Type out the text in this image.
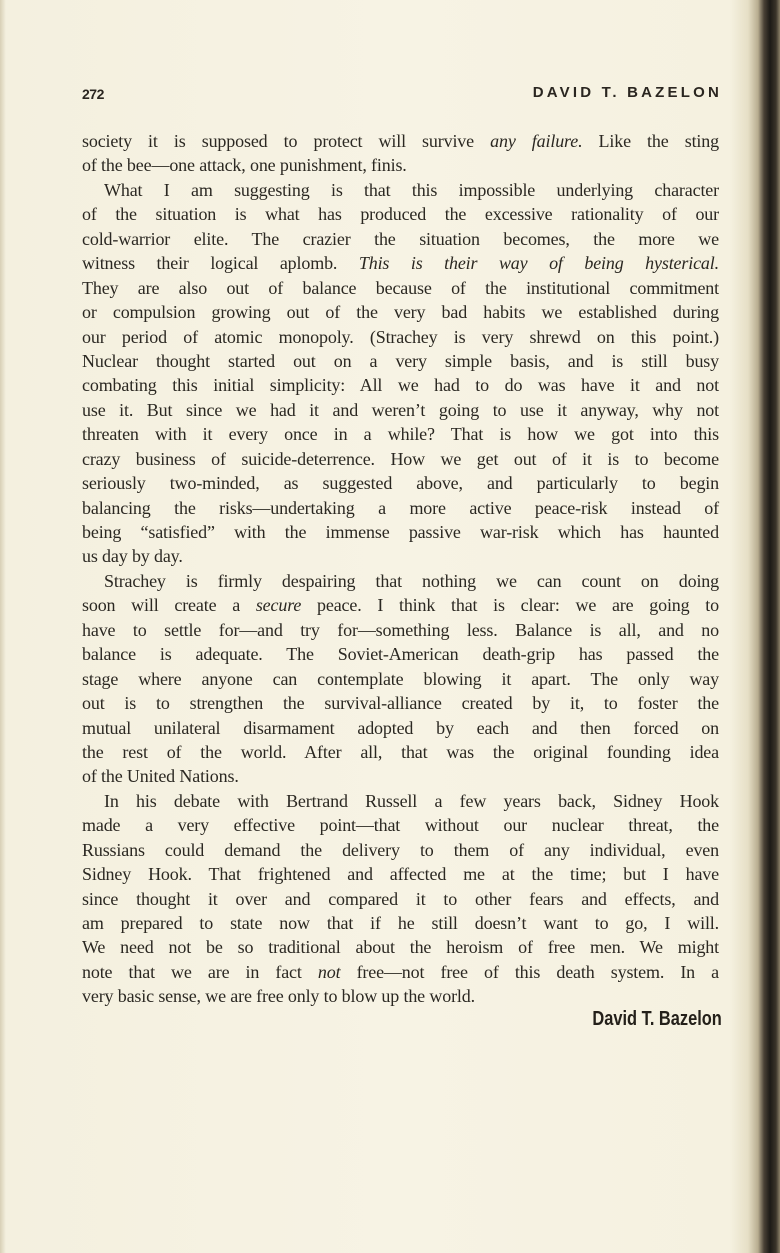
272	DAVID T. BAZELON
society it is supposed to protect will survive any failure. Like the sting
of the bee—one attack, one punishment, finis.
What I am suggesting is that this impossible underlying character
of the situation is what has produced the excessive rationality of our
cold-warrior elite. The crazier the situation becomes, the more we
witness their logical aplomb. This is their way of being hysterical.
They are also out of balance because of the institutional commitment
or compulsion growing out of the very bad habits we established during
our period of atomic monopoly. (Strachey is very shrewd on this point.)
Nuclear thought started out on a very simple basis, and is still busy
combating this initial simplicity: All we had to do was have it and not
use it. But since we had it and weren’t going to use it anyway, why not
threaten with it every once in a while? That is how we got into this
crazy business of suicide-deterrence. How we get out of it is to become
seriously two-minded, as suggested above, and particularly to begin
balancing the risks—undertaking a more active peace-risk instead of
being “satisfied” with the immense passive war-risk which has haunted
us day by day.
Strachey is firmly despairing that nothing we can count on doing
soon will create a secure peace. I think that is clear: we are going to
have to settle for—and try for—something less. Balance is all, and no
balance is adequate. The Soviet-American death-grip has passed the
stage where anyone can contemplate blowing it apart. The only way
out is to strengthen the survival-alliance created by it, to foster the
mutual unilateral disarmament adopted by each and then forced on
the rest of the world. After all, that was the original founding idea
of the United Nations.
In his debate with Bertrand Russell a few years back, Sidney Hook
made a very effective point—that without our nuclear threat, the
Russians could demand the delivery to them of any individual, even
Sidney Hook. That frightened and affected me at the time; but I have
since thought it over and compared it to other fears and effects, and
am prepared to state now that if he still doesn’t want to go, I will.
We need not be so traditional about the heroism of free men. We might
note that we are in fact not free—not free of this death system. In a
very basic sense, we are free only to blow up the world.
David T. Bazelon
